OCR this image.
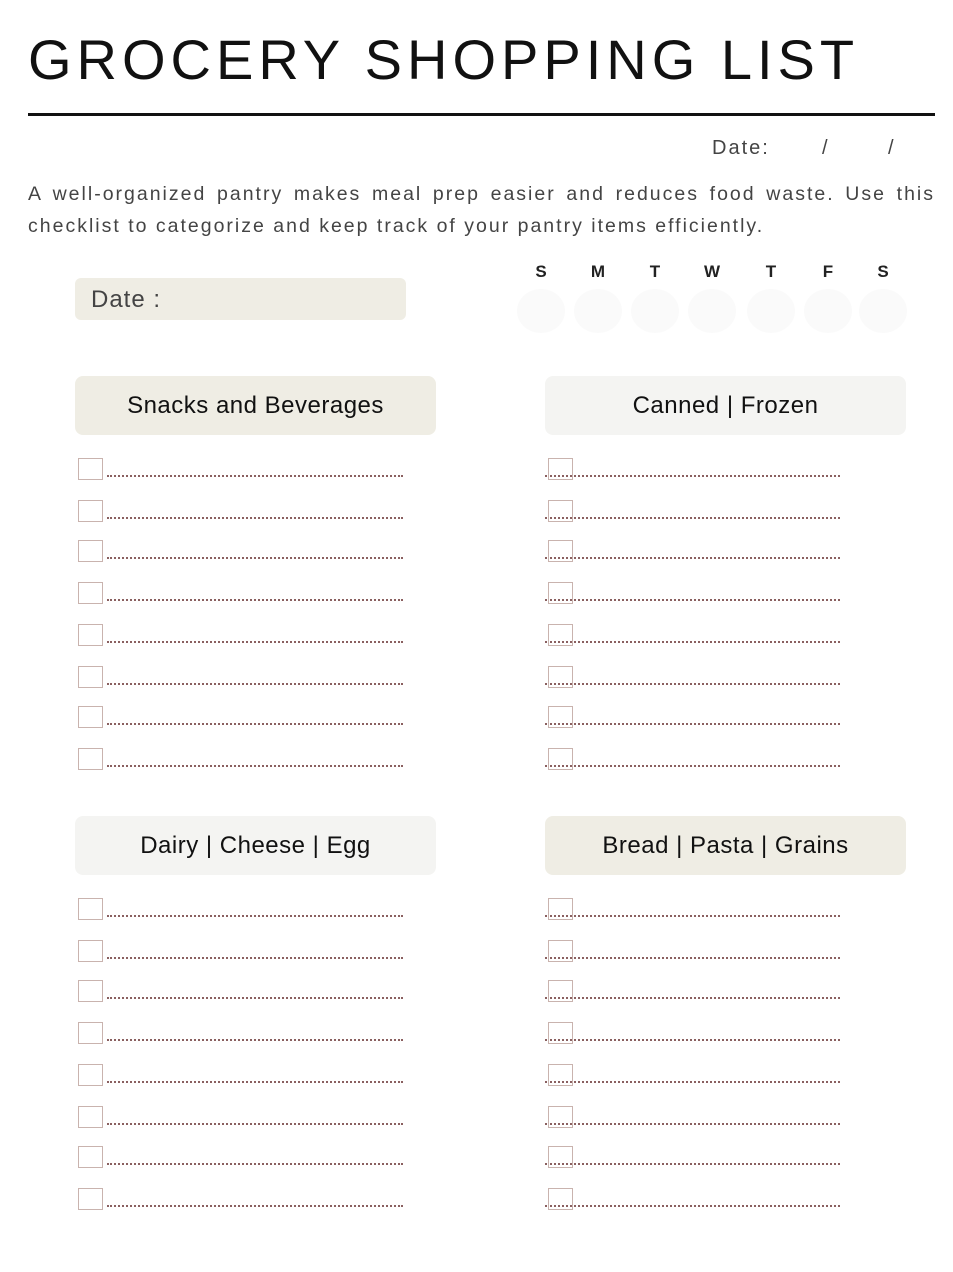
GROCERY SHOPPING LIST
Date:	/	/
A well-organized pantry makes meal prep easier and reduces food waste. Use this checklist to categorize and keep track of your pantry items efficiently.
Date :
S	M	T	W	T	F	S
Snacks and Beverages	Canned | Frozen
Dairy | Cheese | Egg	Bread | Pasta | Grains
